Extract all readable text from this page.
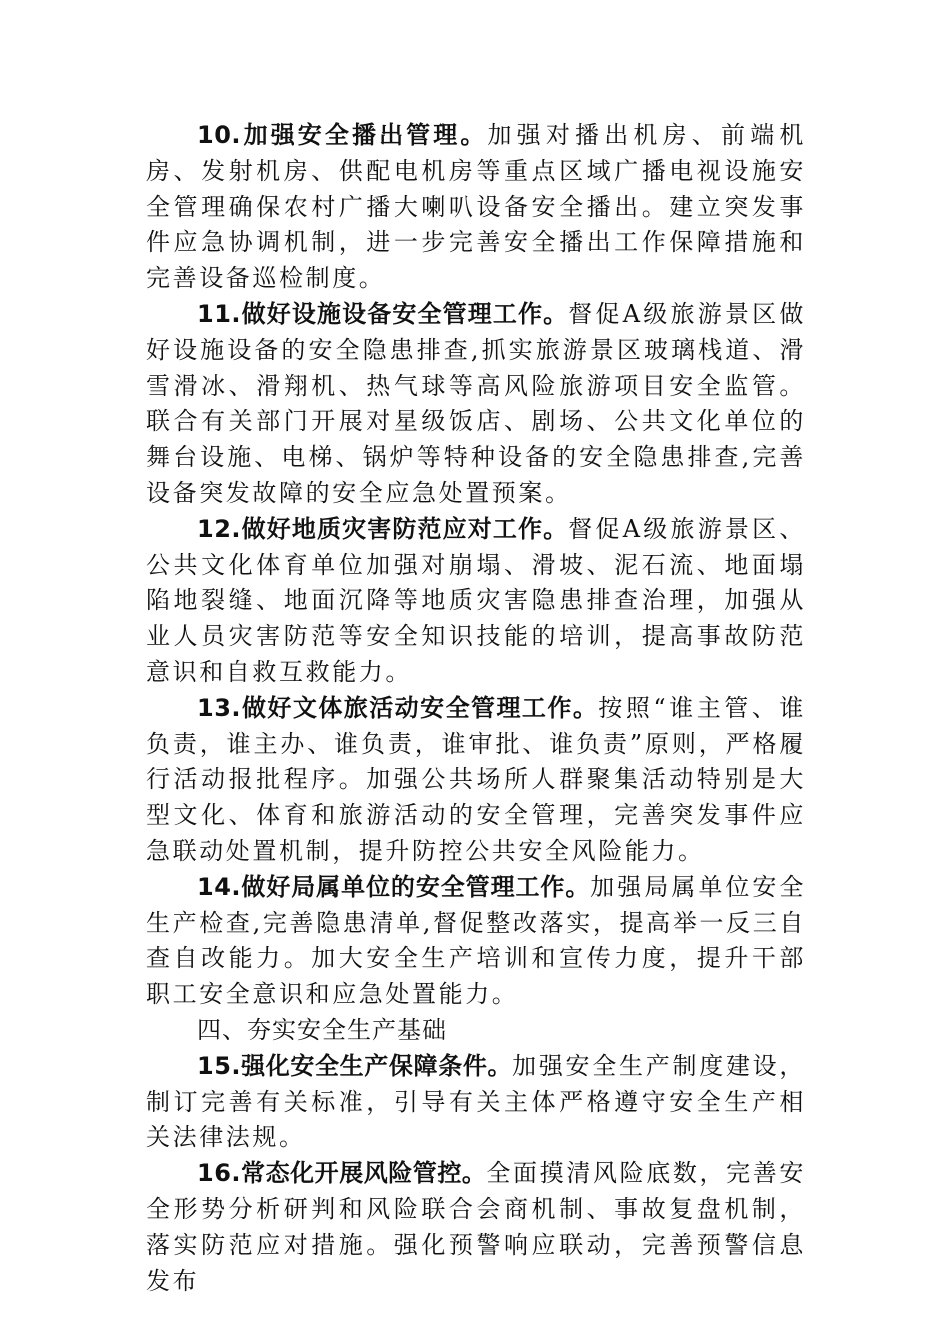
10.加强安全播出管理。加强对播出机房、前端机房、发射机房、供配电机房等重点区域广播电视设施安全管理确保农村广播大喇叭设备安全播出。建立突发事件应急协调机制，进一步完善安全播出工作保障措施和完善设备巡检制度。

11.做好设施设备安全管理工作。督促A级旅游景区做好设施设备的安全隐患排查,抓实旅游景区玻璃栈道、滑雪滑冰、滑翔机、热气球等高风险旅游项目安全监管。联合有关部门开展对星级饭店、剧场、公共文化单位的舞台设施、电梯、锅炉等特种设备的安全隐患排查,完善设备突发故障的安全应急处置预案。

12.做好地质灾害防范应对工作。督促A级旅游景区、公共文化体育单位加强对崩塌、滑坡、泥石流、地面塌陷地裂缝、地面沉降等地质灾害隐患排查治理，加强从业人员灾害防范等安全知识技能的培训，提高事故防范意识和自救互救能力。

13.做好文体旅活动安全管理工作。按照“谁主管、谁负责，谁主办、谁负责，谁审批、谁负责”原则，严格履行活动报批程序。加强公共场所人群聚集活动特别是大型文化、体育和旅游活动的安全管理，完善突发事件应急联动处置机制，提升防控公共安全风险能力。

14.做好局属单位的安全管理工作。加强局属单位安全生产检查,完善隐患清单,督促整改落实，提高举一反三自查自改能力。加大安全生产培训和宣传力度，提升干部职工安全意识和应急处置能力。

四、夯实安全生产基础

15.强化安全生产保障条件。加强安全生产制度建设，制订完善有关标准，引导有关主体严格遵守安全生产相关法律法规。

16.常态化开展风险管控。全面摸清风险底数，完善安全形势分析研判和风险联合会商机制、事故复盘机制，落实防范应对措施。强化预警响应联动，完善预警信息发布
